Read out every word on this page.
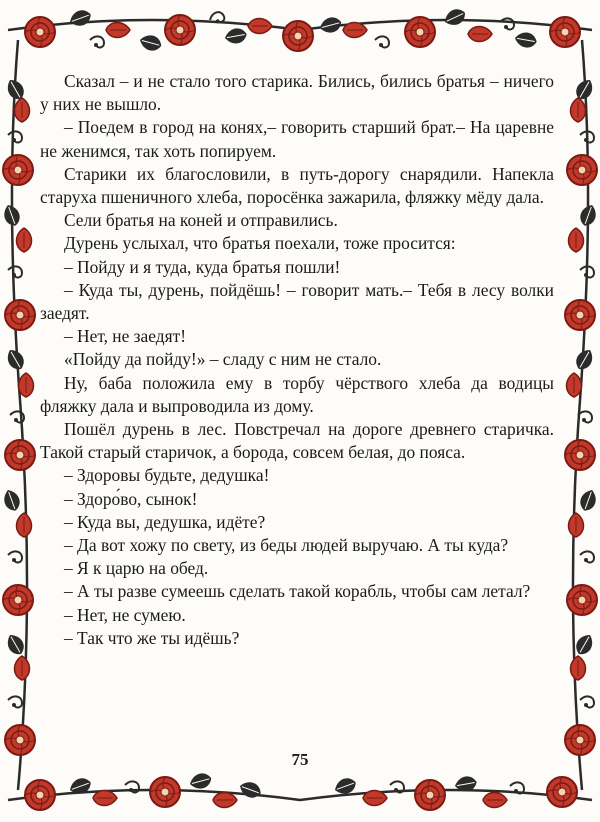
Сказал – и не стало того старика. Бились, бились братья – ничего у них не вышло.

– Поедем в город на конях,– говорить старший брат.– На царевне не женимся, так хоть попируем.

Старики их благословили, в путь-дорогу снарядили. Напекла старуха пшеничного хлеба, поросёнка зажарила, фляжку мёду дала.

Сели братья на коней и отправились.

Дурень услыхал, что братья поехали, тоже просится:

– Пойду и я туда, куда братья пошли!

– Куда ты, дурень, пойдёшь! – говорит мать.– Тебя в лесу волки заедят.

– Нет, не заедят!

«Пойду да пойду!» – сладу с ним не стало.

Ну, баба положила ему в торбу чёрствого хлеба да водицы фляжку дала и выпроводила из дому.

Пошёл дурень в лес. Повстречал на дороге древнего старичка. Такой старый старичок, а борода, совсем белая, до пояса.

– Здоровы будьте, дедушка!

– Здоро́во, сынок!

– Куда вы, дедушка, идёте?

– Да вот хожу по свету, из беды людей выручаю. А ты куда?

– Я к царю на обед.

– А ты разве сумеешь сделать такой корабль, чтобы сам летал?

– Нет, не сумею.

– Так что же ты идёшь?

75
